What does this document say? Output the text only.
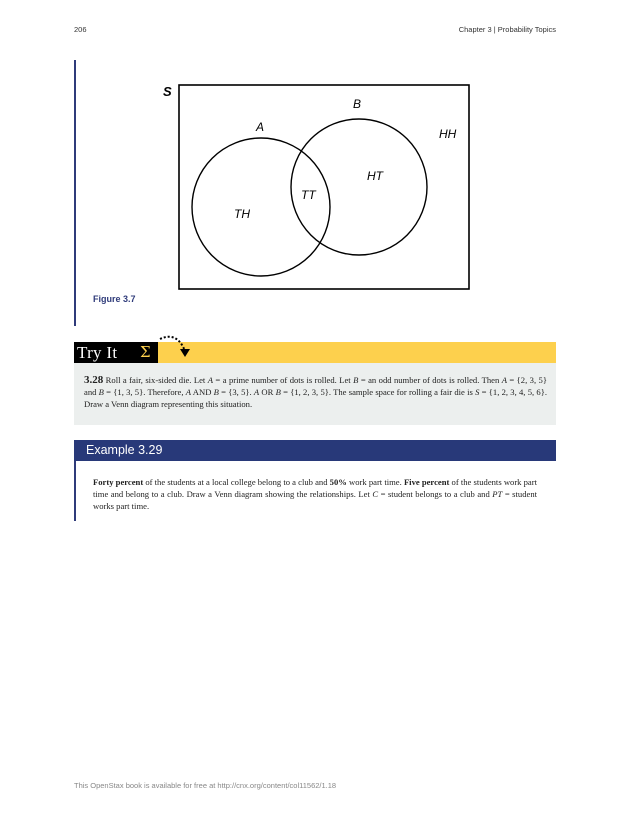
206	Chapter 3 | Probability Topics
S
A
B
TH
TT
HT
HH
Figure 3.7
Try It	Σ
3.28 Roll a fair, six-sided die. Let A = a prime number of dots is rolled. Let B = an odd number of dots is rolled. Then A = {2, 3, 5} and B = {1, 3, 5}. Therefore, A AND B = {3, 5}. A OR B = {1, 2, 3, 5}. The sample space for rolling a fair die is S = {1, 2, 3, 4, 5, 6}. Draw a Venn diagram representing this situation.
Example 3.29
Forty percent of the students at a local college belong to a club and 50% work part time. Five percent of the students work part time and belong to a club. Draw a Venn diagram showing the relationships. Let C = student belongs to a club and PT = student works part time.
This OpenStax book is available for free at http://cnx.org/content/col11562/1.18
